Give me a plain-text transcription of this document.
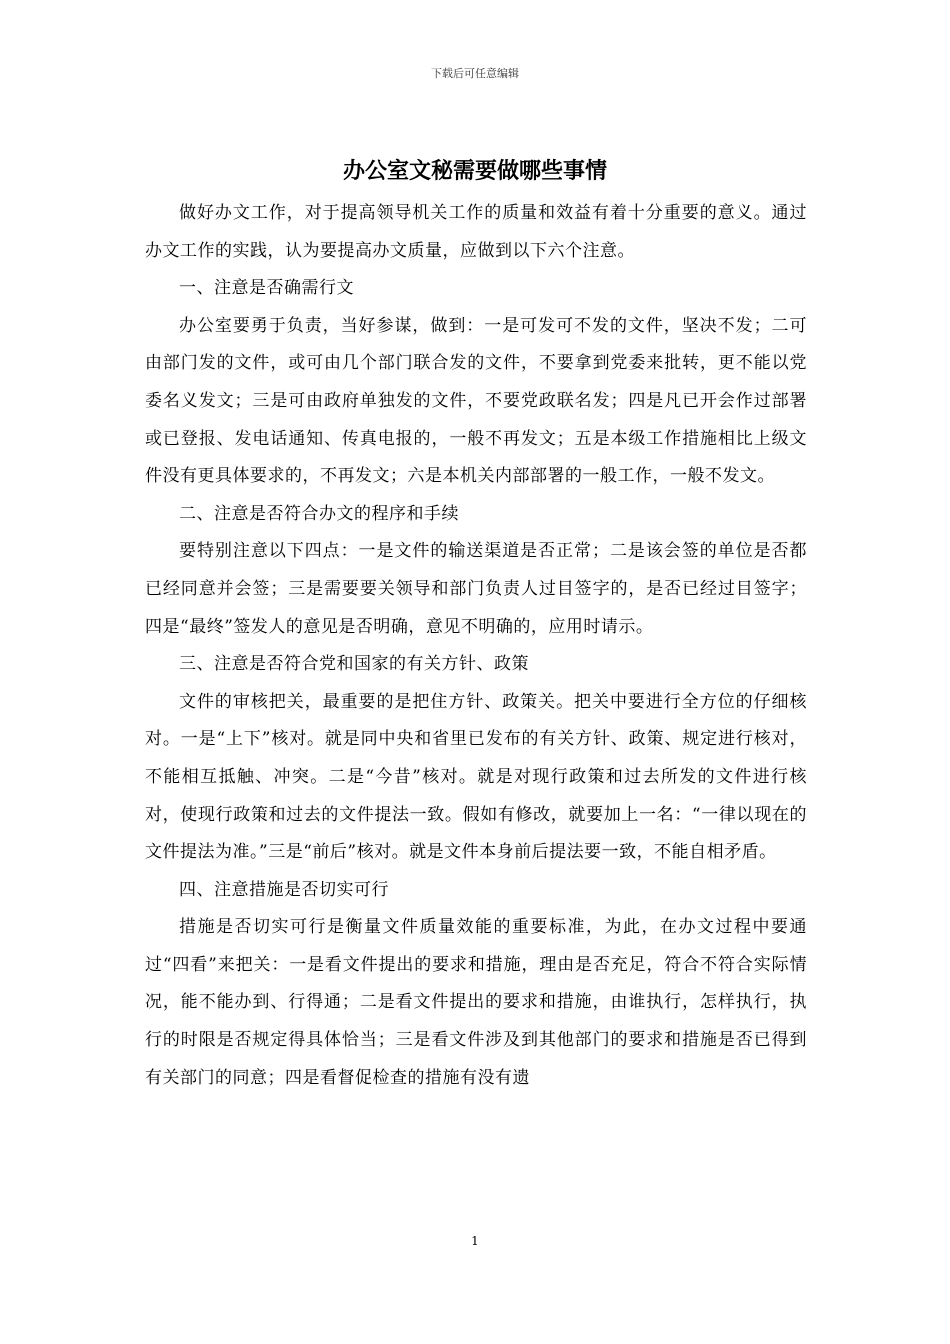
下载后可任意编辑
办公室文秘需要做哪些事情

做好办文工作，对于提高领导机关工作的质量和效益有着十分重要的意义。通过办文工作的实践，认为要提高办文质量，应做到以下六个注意。

一、注意是否确需行文

办公室要勇于负责，当好参谋，做到：一是可发可不发的文件，坚决不发；二可由部门发的文件，或可由几个部门联合发的文件，不要拿到党委来批转，更不能以党委名义发文；三是可由政府单独发的文件，不要党政联名发；四是凡已开会作过部署或已登报、发电话通知、传真电报的，一般不再发文；五是本级工作措施相比上级文件没有更具体要求的，不再发文；六是本机关内部部署的一般工作，一般不发文。

二、注意是否符合办文的程序和手续

要特别注意以下四点：一是文件的输送渠道是否正常；二是该会签的单位是否都已经同意并会签；三是需要要关领导和部门负责人过目签字的，是否已经过目签字；四是“最终”签发人的意见是否明确，意见不明确的，应用时请示。

三、注意是否符合党和国家的有关方针、政策

文件的审核把关，最重要的是把住方针、政策关。把关中要进行全方位的仔细核对。一是“上下”核对。就是同中央和省里已发布的有关方针、政策、规定进行核对，不能相互抵触、冲突。二是“今昔”核对。就是对现行政策和过去所发的文件进行核对，使现行政策和过去的文件提法一致。假如有修改，就要加上一名：“一律以现在的文件提法为准。”三是“前后”核对。就是文件本身前后提法要一致，不能自相矛盾。

四、注意措施是否切实可行

措施是否切实可行是衡量文件质量效能的重要标准，为此，在办文过程中要通过“四看”来把关：一是看文件提出的要求和措施，理由是否充足，符合不符合实际情况，能不能办到、行得通；二是看文件提出的要求和措施，由谁执行，怎样执行，执行的时限是否规定得具体恰当；三是看文件涉及到其他部门的要求和措施是否已得到有关部门的同意；四是看督促检查的措施有没有遗

1
